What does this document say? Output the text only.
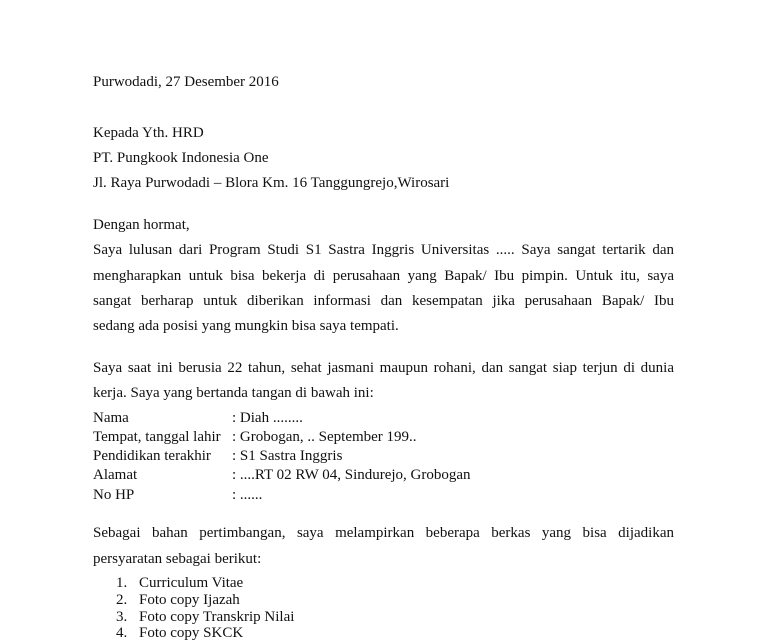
Purwodadi, 27 Desember 2016
Kepada Yth. HRD
PT. Pungkook Indonesia One
Jl. Raya Purwodadi – Blora Km. 16 Tanggungrejo,Wirosari
Dengan hormat,
Saya lulusan dari Program Studi S1 Sastra Inggris Universitas ..... Saya sangat tertarik dan
mengharapkan untuk bisa bekerja di perusahaan yang Bapak/ Ibu pimpin. Untuk itu, saya
sangat berharap untuk diberikan informasi dan kesempatan jika perusahaan Bapak/ Ibu
sedang ada posisi yang mungkin bisa saya tempati.
Saya saat ini berusia 22 tahun, sehat jasmani maupun rohani, dan sangat siap terjun di dunia
kerja. Saya yang bertanda tangan di bawah ini:
Nama	: Diah ........
Tempat, tanggal lahir : Grobogan, .. September 199..
Pendidikan terakhir : S1 Sastra Inggris
Alamat	: ....RT 02 RW 04, Sindurejo, Grobogan
No HP	: ......
Sebagai bahan pertimbangan, saya melampirkan beberapa berkas yang bisa dijadikan
persyaratan sebagai berikut:
1. Curriculum Vitae
2. Foto copy Ijazah
3. Foto copy Transkrip Nilai
4. Foto copy SKCK
